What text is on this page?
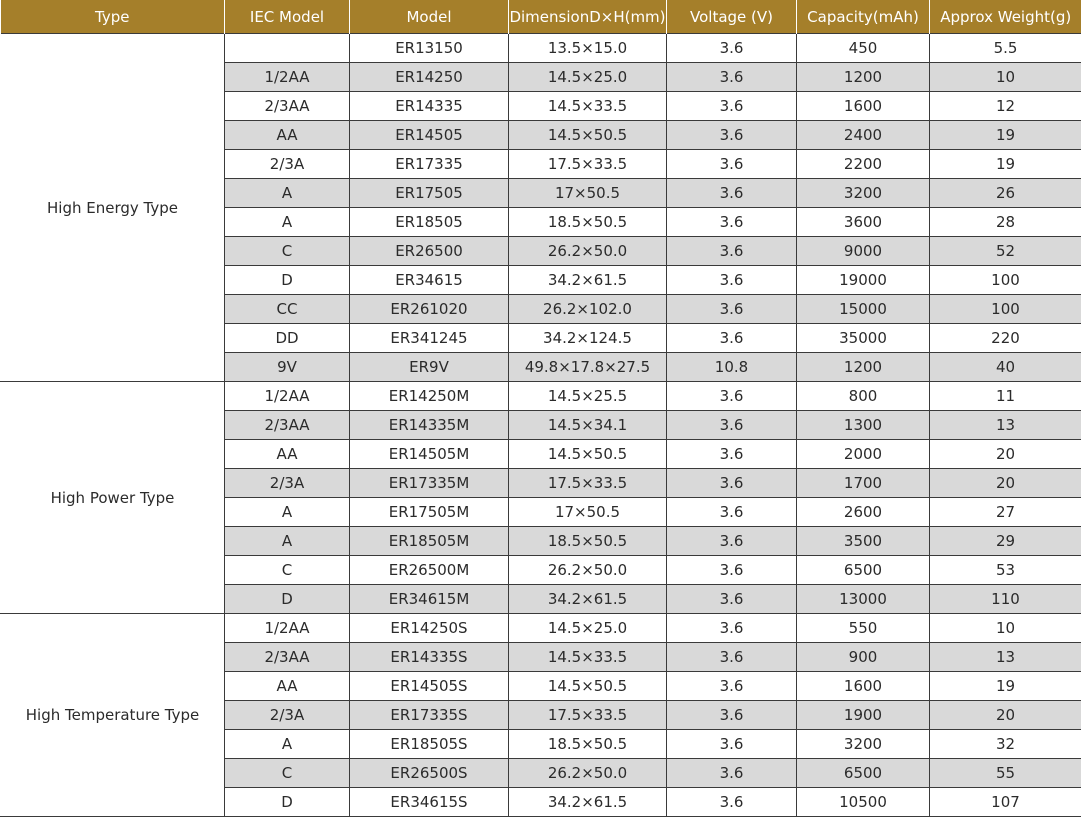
Type	IEC Model	Model	DimensionD×H(mm)	Voltage (V)	Capacity(mAh)	Approx Weight(g)
High Energy Type		ER13150	13.5×15.0	3.6	450	5.5
	1/2AA	ER14250	14.5×25.0	3.6	1200	10
	2/3AA	ER14335	14.5×33.5	3.6	1600	12
	AA	ER14505	14.5×50.5	3.6	2400	19
	2/3A	ER17335	17.5×33.5	3.6	2200	19
	A	ER17505	17×50.5	3.6	3200	26
	A	ER18505	18.5×50.5	3.6	3600	28
	C	ER26500	26.2×50.0	3.6	9000	52
	D	ER34615	34.2×61.5	3.6	19000	100
	CC	ER261020	26.2×102.0	3.6	15000	100
	DD	ER341245	34.2×124.5	3.6	35000	220
	9V	ER9V	49.8×17.8×27.5	10.8	1200	40
High Power Type	1/2AA	ER14250M	14.5×25.5	3.6	800	11
	2/3AA	ER14335M	14.5×34.1	3.6	1300	13
	AA	ER14505M	14.5×50.5	3.6	2000	20
	2/3A	ER17335M	17.5×33.5	3.6	1700	20
	A	ER17505M	17×50.5	3.6	2600	27
	A	ER18505M	18.5×50.5	3.6	3500	29
	C	ER26500M	26.2×50.0	3.6	6500	53
	D	ER34615M	34.2×61.5	3.6	13000	110
High Temperature Type	1/2AA	ER14250S	14.5×25.0	3.6	550	10
	2/3AA	ER14335S	14.5×33.5	3.6	900	13
	AA	ER14505S	14.5×50.5	3.6	1600	19
	2/3A	ER17335S	17.5×33.5	3.6	1900	20
	A	ER18505S	18.5×50.5	3.6	3200	32
	C	ER26500S	26.2×50.0	3.6	6500	55
	D	ER34615S	34.2×61.5	3.6	10500	107
